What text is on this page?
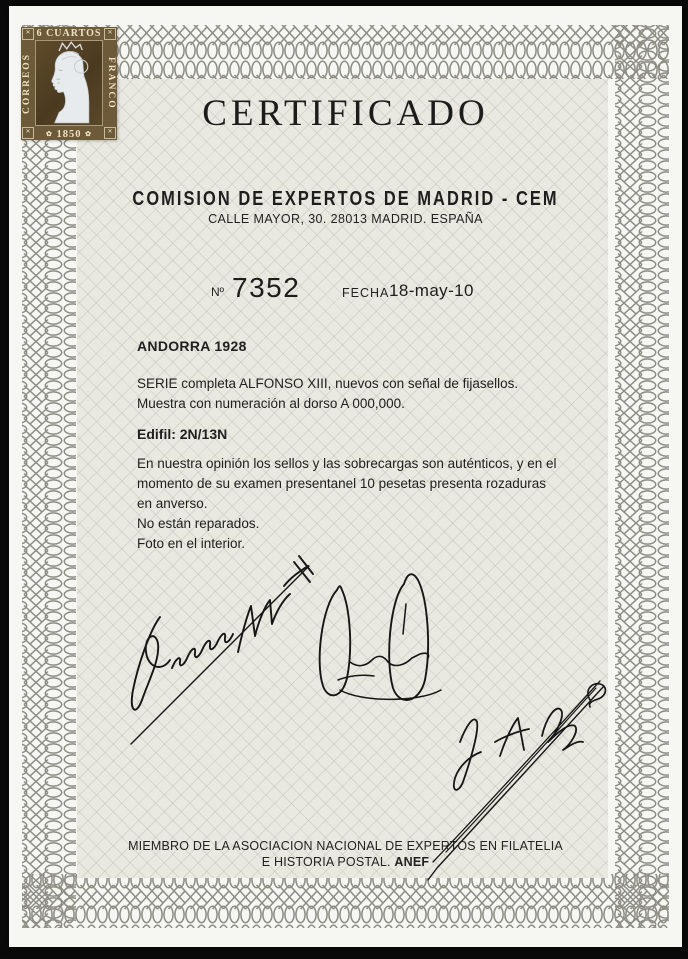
✕	✕
✕	✕
6 CUARTOS
CORREOS	FRANCO
✿ 1850 ✿	CERTIFICADO
COMISION DE EXPERTOS DE MADRID - CEM
CALLE MAYOR, 30. 28013 MADRID. ESPAÑA
Nº 7352	FECHA 18-may-10
ANDORRA 1928
SERIE completa ALFONSO XIII, nuevos con señal de fijasellos.
Muestra con numeración al dorso A 000,000.
Edifil: 2N/13N
En nuestra opinión los sellos y las sobrecargas son auténticos, y en el
momento de su examen presentanel 10 pesetas presenta rozaduras
en anverso.
No están reparados.
Foto en el interior.
MIEMBRO DE LA ASOCIACION NACIONAL DE EXPERTOS EN FILATELIA
E HISTORIA POSTAL. ANEF
